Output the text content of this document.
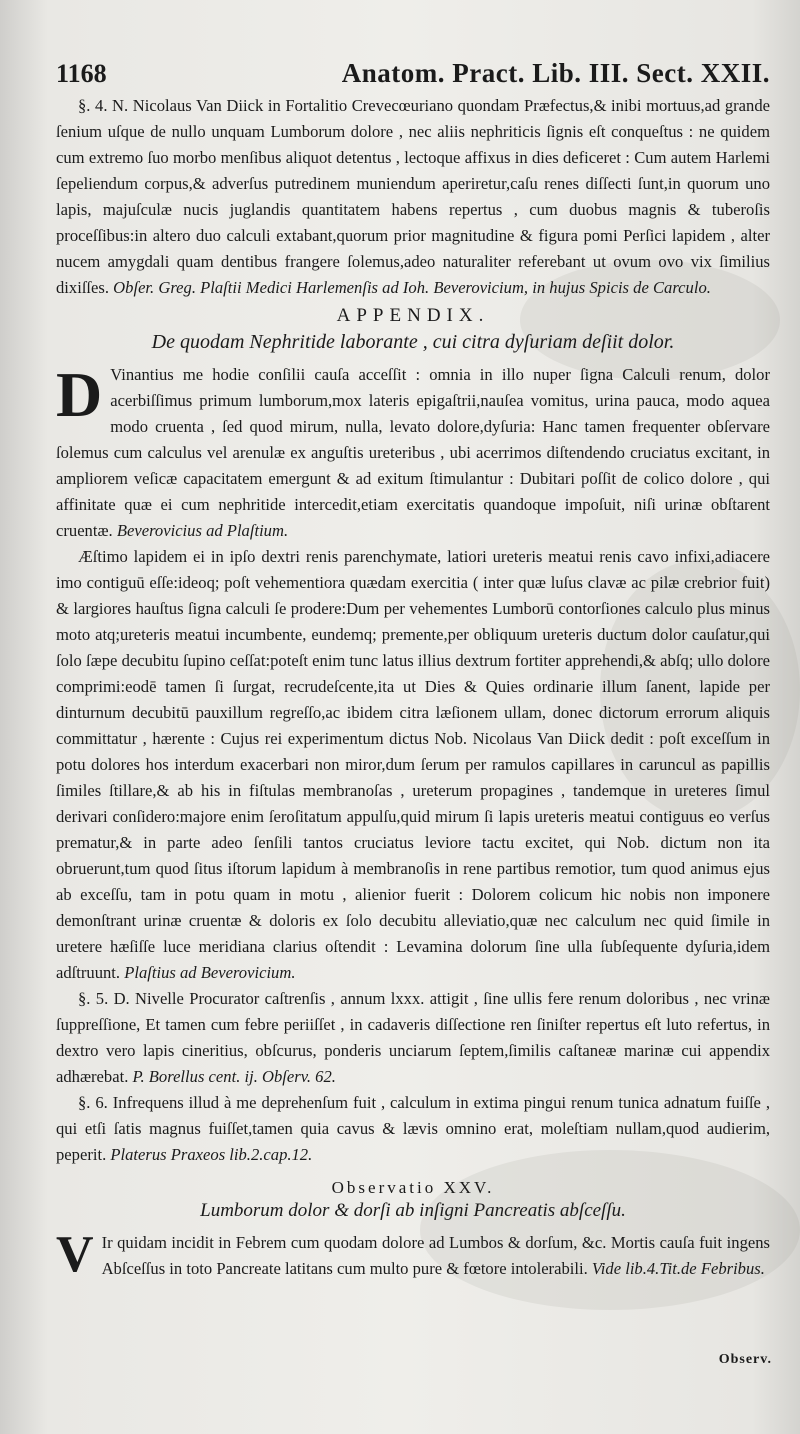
1168	Anatom. Pract. Lib. III. Sect. XXII.

§. 4. N. Nicolaus Van Diick in Fortalitio Crevecœuriano quondam Præfectus,& inibi mortuus,ad grande ſenium uſque de nullo unquam Lumborum dolore , nec aliis nephriticis ſignis eſt conqueſtus : ne quidem cum extremo ſuo morbo menſibus aliquot detentus , lectoque affixus in dies deficeret : Cum autem Harlemi ſepeliendum corpus,& adverſus putredinem muniendum aperiretur,caſu renes diſſecti ſunt,in quorum uno lapis, majuſculæ nucis juglandis quantitatem habens repertus , cum duobus magnis & tuberoſis proceſſibus:in altero duo calculi extabant,quorum prior magnitudine & figura pomi Perſici lapidem , alter nucem amygdali quam dentibus frangere ſolemus,adeo naturaliter referebant ut ovum ovo vix ſimilius dixiſſes. Obſer. Greg. Plaſtii Medici Harlemenſis ad Ioh. Beverovicium, in hujus Spicis de Carculo.

APPENDIX.
De quodam Nephritide laborante , cui citra dyſuriam deſiit dolor.

D Vinantius me hodie conſilii cauſa acceſſit : omnia in illo nuper ſigna Calculi renum, dolor acerbiſſimus primum lumborum,mox lateris epigaſtrii,nauſea vomitus, urina pauca, modo aquea modo cruenta , ſed quod mirum, nulla, levato dolore,dyſuria: Hanc tamen frequenter obſervare ſolemus cum calculus vel arenulæ ex anguſtis ureteribus , ubi acerrimos diſtendendo cruciatus excitant, in ampliorem veſicæ capacitatem emergunt & ad exitum ſtimulantur : Dubitari poſſit de colico dolore , qui affinitate quæ ei cum nephritide intercedit,etiam exercitatis quandoque impoſuit, niſi urinæ obſtarent cruentæ. Beverovicius ad Plaſtium.

Æſtimo lapidem ei in ipſo dextri renis parenchymate, latiori ureteris meatui renis cavo infixi,adiacere imo contiguū eſſe:ideoq; poſt vehementiora quædam exercitia ( inter quæ luſus clavæ ac pilæ crebrior fuit) & largiores hauſtus ſigna calculi ſe prodere:Dum per vehementes Lumborū contorſiones calculo plus minus moto atq;ureteris meatui incumbente, eundemq; premente,per obliquum ureteris ductum dolor cauſatur,qui ſolo ſæpe decubitu ſupino ceſſat:poteſt enim tunc latus illius dextrum fortiter apprehendi,& abſq; ullo dolore comprimi:eodē tamen ſi ſurgat, recrudeſcente,ita ut Dies & Quies ordinarie illum ſanent, lapide per dinturnum decubitū pauxillum regreſſo,ac ibidem citra læſionem ullam, donec dictorum errorum aliquis committatur , hærente : Cujus rei experimentum dictus Nob. Nicolaus Van Diick dedit : poſt exceſſum in potu dolores hos interdum exacerbari non miror,dum ſerum per ramulos capillares in caruncul as papillis ſimiles ſtillare,& ab his in fiſtulas membranoſas , ureterum propagines , tandemque in ureteres ſimul derivari conſidero:majore enim ſeroſitatum appulſu,quid mirum ſi lapis ureteris meatui contiguus eo verſus prematur,& in parte adeo ſenſili tantos cruciatus leviore tactu excitet, qui Nob. dictum non ita obruerunt,tum quod ſitus iſtorum lapidum à membranoſis in rene partibus remotior, tum quod animus ejus ab exceſſu, tam in potu quam in motu , alienior fuerit : Dolorem colicum hic nobis non imponere demonſtrant urinæ cruentæ & doloris ex ſolo decubitu alleviatio,quæ nec calculum nec quid ſimile in uretere hæſiſſe luce meridiana clarius oſtendit : Levamina dolorum ſine ulla ſubſequente dyſuria,idem adſtruunt. Plaſtius ad Beverovicium.

§. 5. D. Nivelle Procurator caſtrenſis , annum lxxx. attigit , ſine ullis fere renum doloribus , nec vrinæ ſuppreſſione, Et tamen cum febre periiſſet , in cadaveris diſſectione ren ſiniſter repertus eſt luto refertus, in dextro vero lapis cineritius, obſcurus, ponderis unciarum ſeptem,ſimilis caſtaneæ marinæ cui appendix adhærebat. P. Borellus cent. ij. Obſerv. 62.

§. 6. Infrequens illud à me deprehenſum fuit , calculum in extima pingui renum tunica adnatum fuiſſe , qui etſi ſatis magnus fuiſſet,tamen quia cavus & lævis omnino erat, moleſtiam nullam,quod audierim, peperit. Platerus Praxeos lib.2.cap.12.

Observatio XXV.
Lumborum dolor & dorſi ab inſigni Pancreatis abſceſſu.

V Ir quidam incidit in Febrem cum quodam dolore ad Lumbos & dorſum, &c. Mortis cauſa fuit ingens Abſceſſus in toto Pancreate latitans cum multo pure & fœtore intolerabili. Vide lib.4.Tit.de Febribus.

Observ.
